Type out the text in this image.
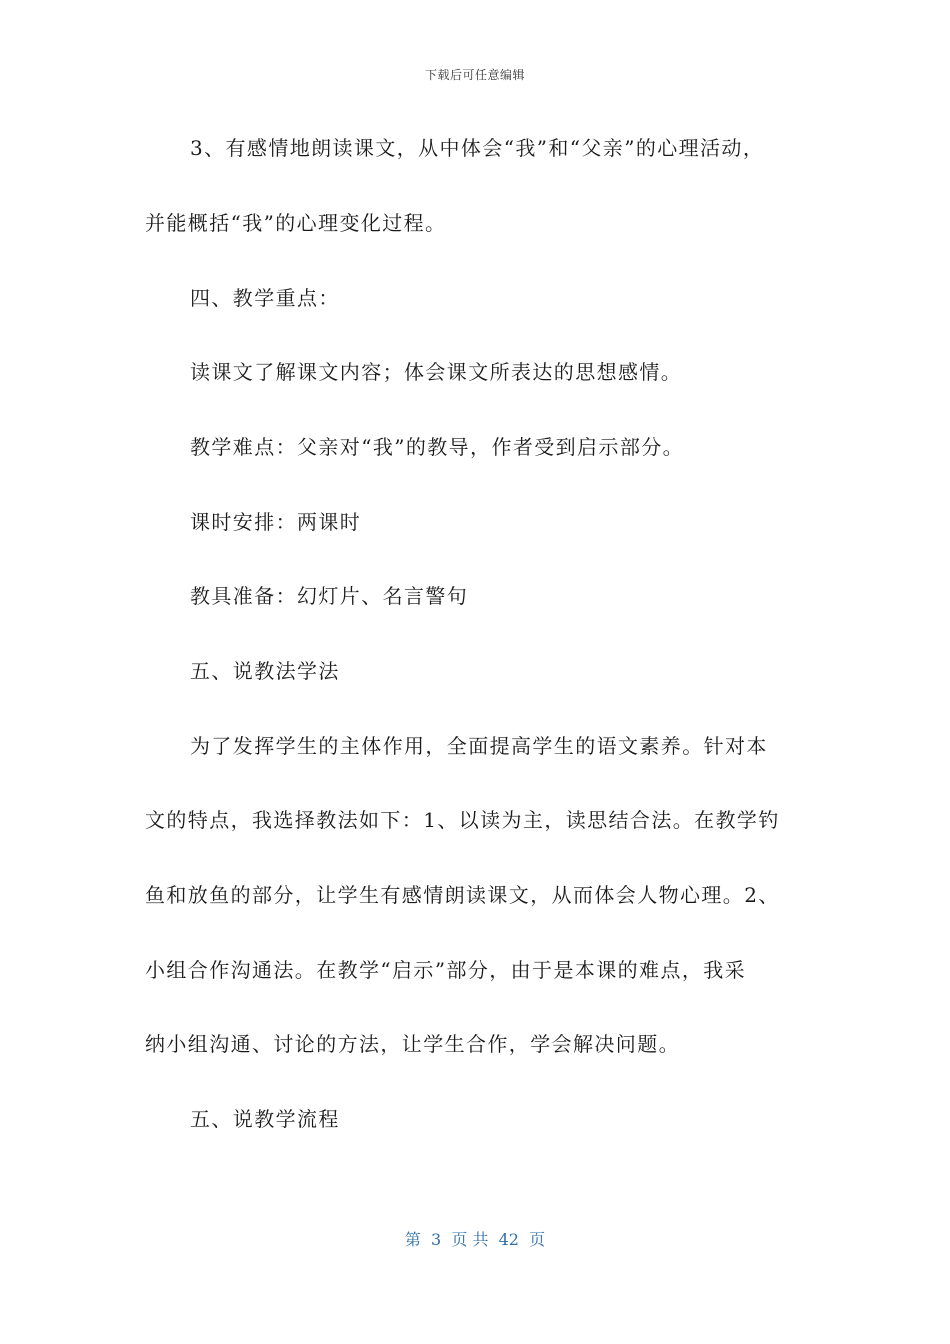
下载后可任意编辑
3、有感情地朗读课文，从中体会“我”和“父亲”的心理活动，
并能概括“我”的心理变化过程。
四、教学重点：
读课文了解课文内容；体会课文所表达的思想感情。
教学难点：父亲对“我”的教导，作者受到启示部分。
课时安排：两课时
教具准备：幻灯片、名言警句
五、说教法学法
为了发挥学生的主体作用，全面提高学生的语文素养。针对本
文的特点，我选择教法如下：1、以读为主，读思结合法。在教学钓
鱼和放鱼的部分，让学生有感情朗读课文，从而体会人物心理。2、
小组合作沟通法。在教学“启示”部分，由于是本课的难点，我采
纳小组沟通、讨论的方法，让学生合作，学会解决问题。
五、说教学流程
第  3  页 共  42  页
